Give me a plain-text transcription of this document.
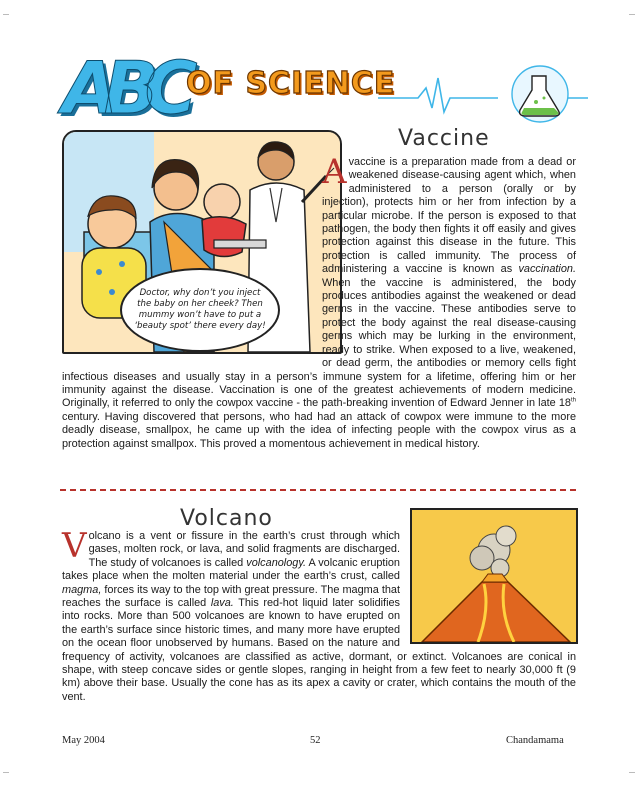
ABC OF SCIENCE
Doctor, why don’t you inject the baby on her cheek? Then mummy won’t have to put a ‘beauty spot’ there every day!
Vaccine
A vaccine is a preparation made from a dead or weakened disease-causing agent which, when administered to a person (orally or by injection), protects him or her from infection by a particular microbe. If the person is exposed to that pathogen, the body then fights it off easily and gives protection against this disease in the future. This protection is called immunity. The process of administering a vaccine is known as vaccination. When the vaccine is administered, the body produces antibodies against the weakened or dead germs in the vaccine. These antibodies serve to protect the body against the real disease-causing germs which may be lurking in the environment, ready to strike. When exposed to a live, weakened, or dead germ, the antibodies or memory cells fight infectious diseases and usually stay in a person’s immune system for a lifetime, offering him or her immunity against the disease. Vaccination is one of the greatest achievements of modern medicine. Originally, it referred to only the cowpox vaccine - the path-breaking invention of Edward Jenner in late 18th century. Having discovered that persons, who had had an attack of cowpox were immune to the more deadly disease, smallpox, he came up with the idea of infecting people with the cowpox virus as a protection against smallpox. This proved a momentous achievement in medical history.
Volcano
Volcano is a vent or fissure in the earth’s crust through which gases, molten rock, or lava, and solid fragments are discharged. The study of volcanoes is called volcanology. A volcanic eruption takes place when the molten material under the earth’s crust, called magma, forces its way to the top with great pressure. The magma that reaches the surface is called lava. This red-hot liquid later solidifies into rocks. More than 500 volcanoes are known to have erupted on the earth’s surface since historic times, and many more have erupted on the ocean floor unobserved by humans. Based on the nature and frequency of activity, volcanoes are classified as active, dormant, or extinct. Volcanoes are conical in shape, with steep concave sides or gentle slopes, ranging in height from a few feet to nearly 30,000 ft (9 km) above their base. Usually the cone has as its apex a cavity or crater, which contains the mouth of the vent.
May 2004	52	Chandamama
